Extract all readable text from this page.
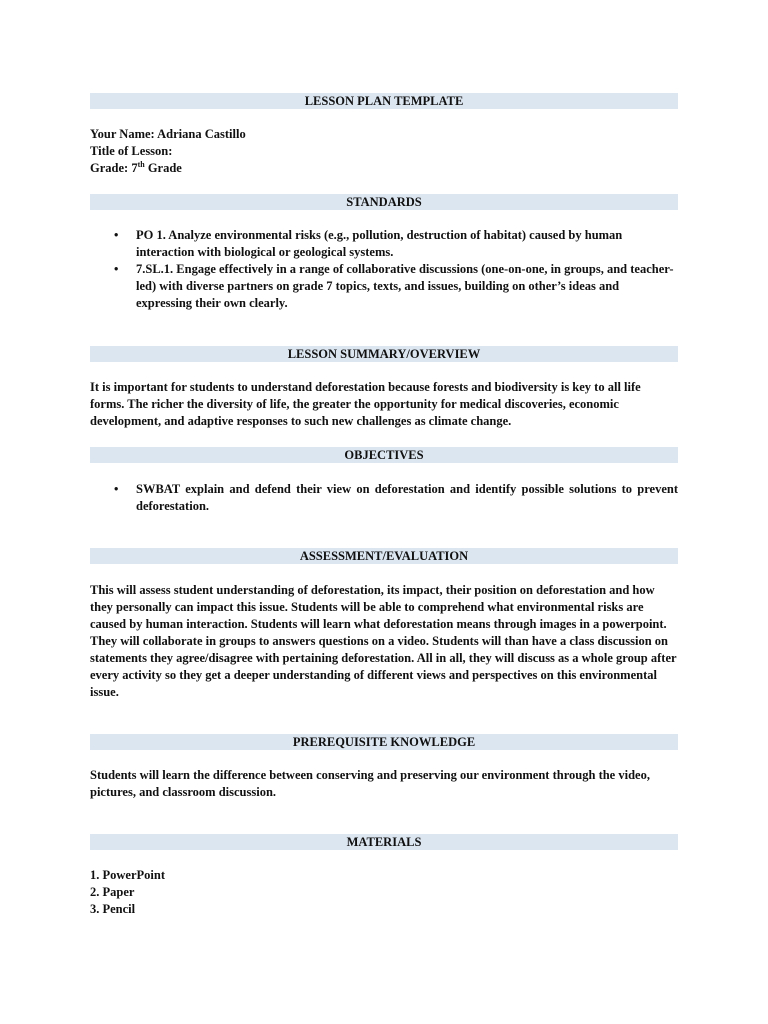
LESSON PLAN TEMPLATE
Your Name: Adriana Castillo
Title of Lesson:
Grade: 7th Grade
STANDARDS
• PO 1. Analyze environmental risks (e.g., pollution, destruction of habitat) caused by human interaction with biological or geological systems.
• 7.SL.1. Engage effectively in a range of collaborative discussions (one-on-one, in groups, and teacher-led) with diverse partners on grade 7 topics, texts, and issues, building on other’s ideas and expressing their own clearly.
LESSON SUMMARY/OVERVIEW
It is important for students to understand deforestation because forests and biodiversity is key to all life forms. The richer the diversity of life, the greater the opportunity for medical discoveries, economic development, and adaptive responses to such new challenges as climate change.
OBJECTIVES
• SWBAT explain and defend their view on deforestation and identify possible solutions to prevent deforestation.
ASSESSMENT/EVALUATION
This will assess student understanding of deforestation, its impact, their position on deforestation and how they personally can impact this issue. Students will be able to comprehend what environmental risks are caused by human interaction. Students will learn what deforestation means through images in a powerpoint. They will collaborate in groups to answers questions on a video. Students will than have a class discussion on statements they agree/disagree with pertaining deforestation. All in all, they will discuss as a whole group after every activity so they get a deeper understanding of different views and perspectives on this environmental issue.
PREREQUISITE KNOWLEDGE
Students will learn the difference between conserving and preserving our environment through the video, pictures, and classroom discussion.
MATERIALS
1. PowerPoint
2. Paper
3. Pencil
